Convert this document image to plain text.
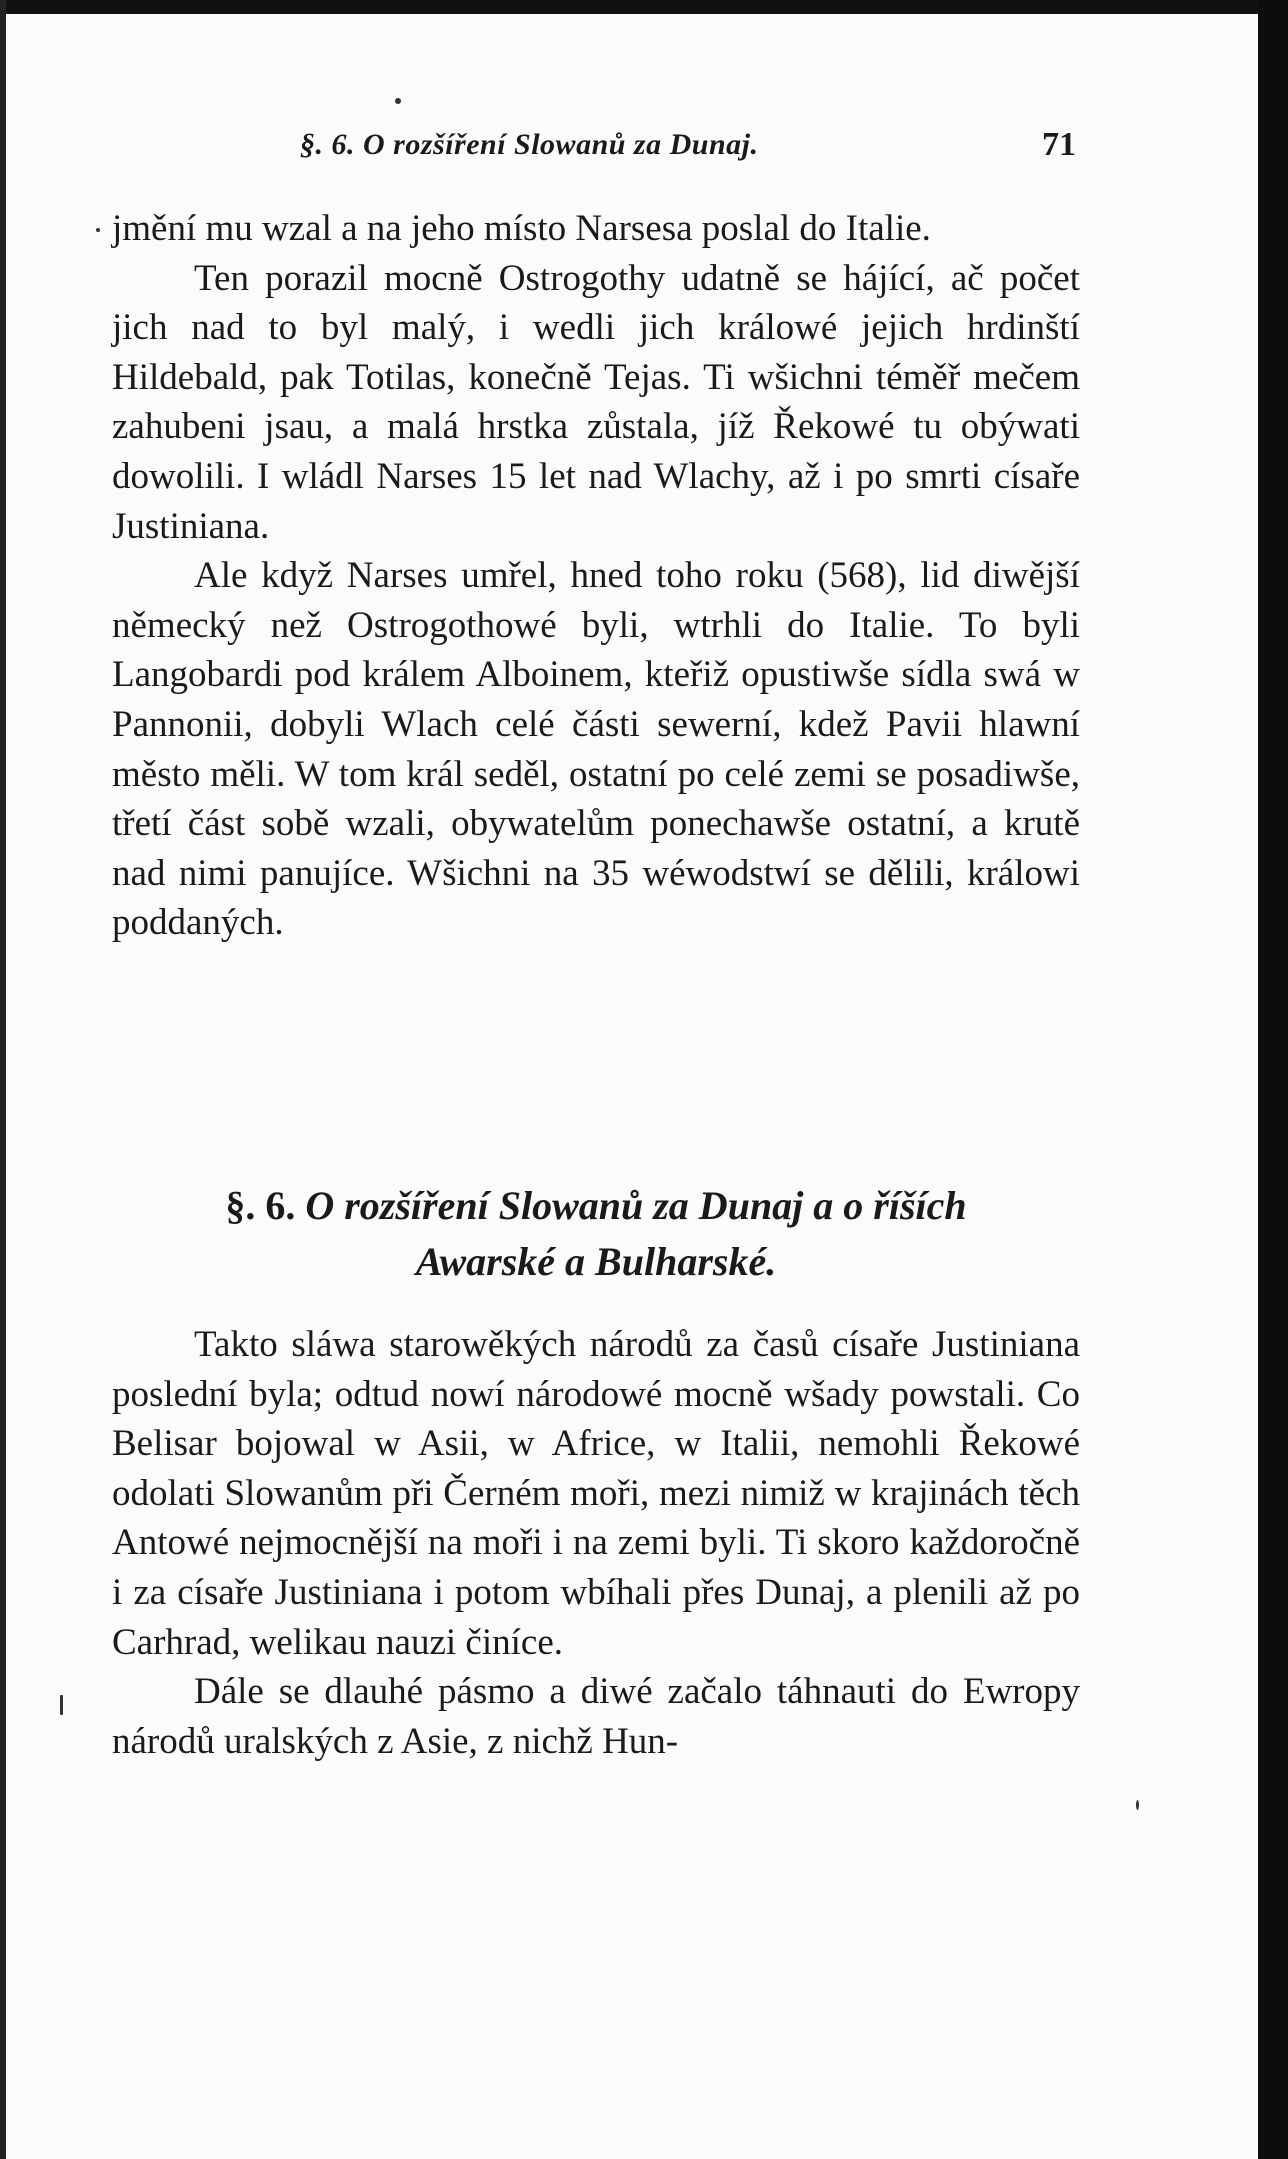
§. 6. O rozšíření Slowanů za Dunaj.	71

jmění mu wzal a na jeho místo Narsesa poslal do Italie.

Ten porazil mocně Ostrogothy udatně se hájící, ač počet jich nad to byl malý, i wedli jich králowé jejich hrdinští Hildebald, pak Totilas, konečně Tejas. Ti wšichni téměř mečem zahubeni jsau, a malá hrstka zůstala, jíž Řekowé tu obýwati dowolili. I wládl Narses 15 let nad Wlachy, až i po smrti císaře Justiniana.

Ale když Narses umřel, hned toho roku (568), lid diwější německý než Ostrogothowé byli, wtrhli do Italie. To byli Langobardi pod králem Alboinem, kteřiž opustiwše sídla swá w Pannonii, dobyli Wlach celé části sewerní, kdež Pavii hlawní město měli. W tom král seděl, ostatní po celé zemi se posadiwše, třetí část sobě wzali, obywatelům ponechawše ostatní, a krutě nad nimi panujíce. Wšichni na 35 wéwodstwí se dělili, králowi poddaných.

§. 6. O rozšíření Slowanů za Dunaj a o říších
Awarské a Bulharské.

Takto sláwa starowěkých národů za časů císaře Justiniana poslední byla; odtud nowí národowé mocně wšady powstali. Co Belisar bojowal w Asii, w Africe, w Italii, nemohli Řekowé odolati Slowanům při Černém moři, mezi nimiž w krajinách těch Antowé nejmocnější na moři i na zemi byli. Ti skoro každoročně i za císaře Justiniana i potom wbíhali přes Dunaj, a plenili až po Carhrad, welikau nauzi činíce.

Dále se dlauhé pásmo a diwé začalo táhnauti do Ewropy národů uralských z Asie, z nichž Hun-
